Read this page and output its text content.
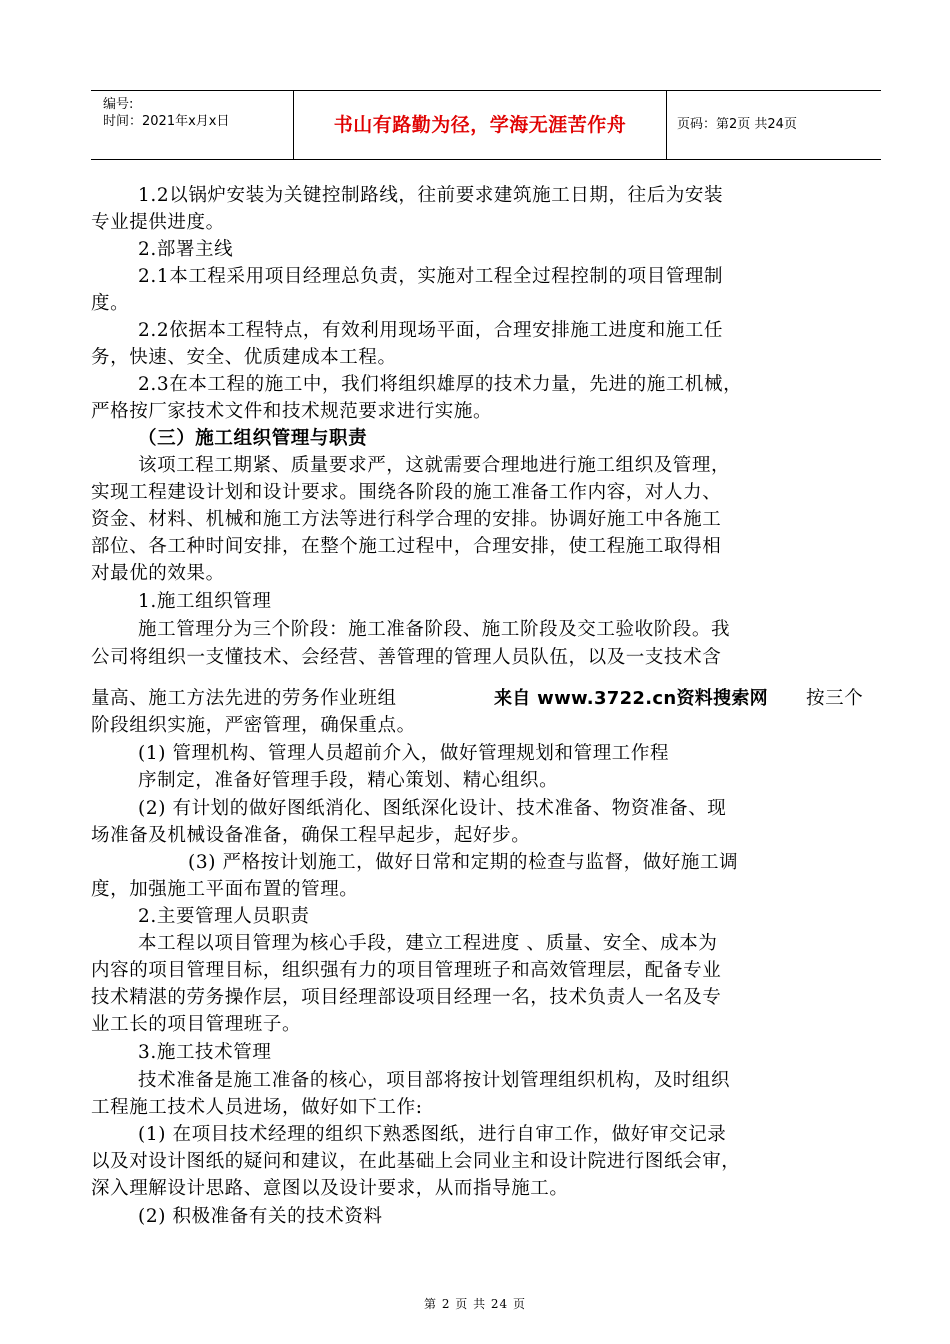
编号:
时间：2021年x月x日	书山有路勤为径，学海无涯苦作舟	页码：第2页 共24页
1.2以锅炉安装为关键控制路线，往前要求建筑施工日期，往后为安装
专业提供进度。
2.部署主线
2.1本工程采用项目经理总负责，实施对工程全过程控制的项目管理制
度。
2.2依据本工程特点，有效利用现场平面，合理安排施工进度和施工任
务，快速、安全、优质建成本工程。
2.3在本工程的施工中，我们将组织雄厚的技术力量，先进的施工机械，
严格按厂家技术文件和技术规范要求进行实施。
（三）施工组织管理与职责
该项工程工期紧、质量要求严，这就需要合理地进行施工组织及管理，
实现工程建设计划和设计要求。围绕各阶段的施工准备工作内容，对人力、
资金、材料、机械和施工方法等进行科学合理的安排。协调好施工中各施工
部位、各工种时间安排，在整个施工过程中，合理安排，使工程施工取得相
对最优的效果。
1.施工组织管理
施工管理分为三个阶段：施工准备阶段、施工阶段及交工验收阶段。我
公司将组织一支懂技术、会经营、善管理的管理人员队伍，以及一支技术含
量高、施工方法先进的劳务作业班组	来自 www.3722.cn资料搜索网 按三个
阶段组织实施，严密管理，确保重点。
(1) 管理机构、管理人员超前介入，做好管理规划和管理工作程
序制定，准备好管理手段，精心策划、精心组织。
(2) 有计划的做好图纸消化、图纸深化设计、技术准备、物资准备、现
场准备及机械设备准备，确保工程早起步，起好步。
(3) 严格按计划施工，做好日常和定期的检查与监督，做好施工调
度，加强施工平面布置的管理。
2.主要管理人员职责
本工程以项目管理为核心手段，建立工程进度 、质量、安全、成本为
内容的项目管理目标，组织强有力的项目管理班子和高效管理层，配备专业
技术精湛的劳务操作层，项目经理部设项目经理一名，技术负责人一名及专
业工长的项目管理班子。
3.施工技术管理
技术准备是施工准备的核心，项目部将按计划管理组织机构，及时组织
工程施工技术人员进场，做好如下工作:
(1) 在项目技术经理的组织下熟悉图纸，进行自审工作，做好审交记录
以及对设计图纸的疑问和建议，在此基础上会同业主和设计院进行图纸会审，
深入理解设计思路、意图以及设计要求，从而指导施工。
(2) 积极准备有关的技术资料
第 2 页 共 24 页
